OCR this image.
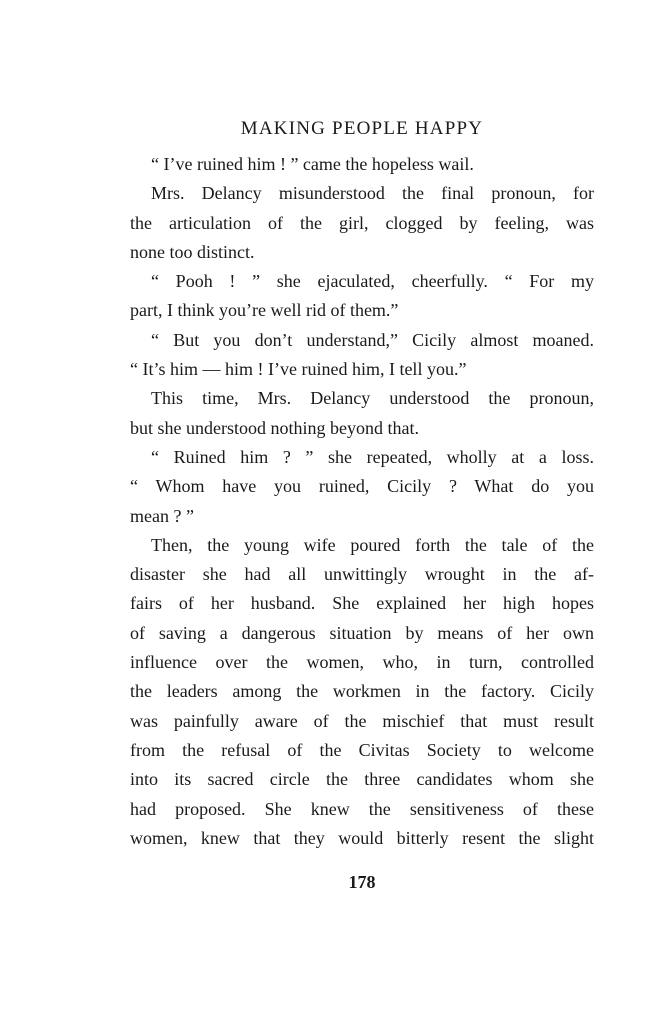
MAKING PEOPLE HAPPY
“ I’ve ruined him ! ” came the hopeless wail.
Mrs. Delancy misunderstood the final pronoun, for
the articulation of the girl, clogged by feeling, was
none too distinct.
“ Pooh ! ” she ejaculated, cheerfully. “ For my
part, I think you’re well rid of them.”
“ But you don’t understand,” Cicily almost moaned.
“ It’s him — him ! I’ve ruined him, I tell you.”
This time, Mrs. Delancy understood the pronoun,
but she understood nothing beyond that.
“ Ruined him ? ” she repeated, wholly at a loss.
“ Whom have you ruined, Cicily ? What do you
mean ? ”
Then, the young wife poured forth the tale of the
disaster she had all unwittingly wrought in the af-
fairs of her husband. She explained her high hopes
of saving a dangerous situation by means of her own
influence over the women, who, in turn, controlled
the leaders among the workmen in the factory. Cicily
was painfully aware of the mischief that must result
from the refusal of the Civitas Society to welcome
into its sacred circle the three candidates whom she
had proposed. She knew the sensitiveness of these
women, knew that they would bitterly resent the slight
178
